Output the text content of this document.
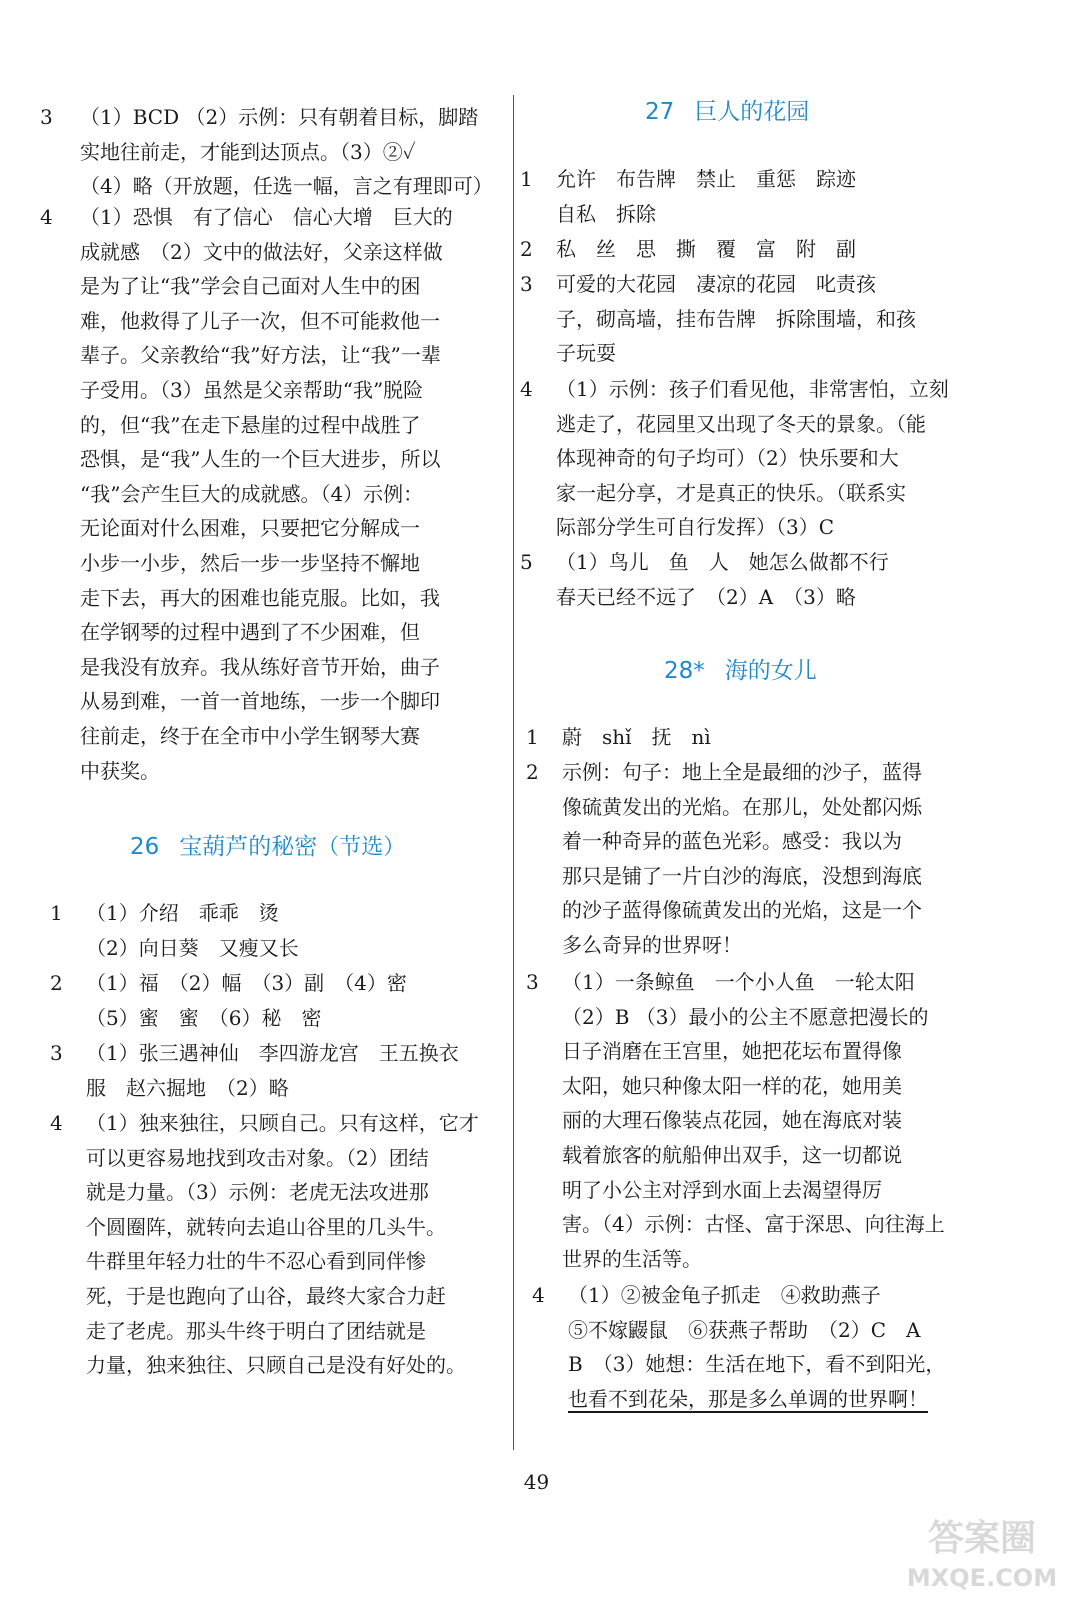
3 （1）BCD （2）示例：只有朝着目标，脚踏
实地往前走，才能到达顶点。（3）②✓
（4）略（开放题，任选一幅，言之有理即可）
4 （1）恐惧　有了信心　信心大增　巨大的
成就感　（2）文中的做法好，父亲这样做
是为了让“我”学会自己面对人生中的困
难，他救得了儿子一次，但不可能救他一
辈子。父亲教给“我”好方法，让“我”一辈
子受用。（3）虽然是父亲帮助“我”脱险
的，但“我”在走下悬崖的过程中战胜了
恐惧，是“我”人生的一个巨大进步，所以
“我”会产生巨大的成就感。（4）示例：
无论面对什么困难，只要把它分解成一
小步一小步，然后一步一步坚持不懈地
走下去，再大的困难也能克服。比如，我
在学钢琴的过程中遇到了不少困难，但
是我没有放弃。我从练好音节开始，曲子
从易到难，一首一首地练，一步一个脚印
往前走，终于在全市中小学生钢琴大赛
中获奖。
26 宝葫芦的秘密（节选）
1 （1）介绍　乖乖　烫
（2）向日葵　又瘦又长
2 （1）福　（2）幅　（3）副　（4）密
（5）蜜　蜜　（6）秘　密
3 （1）张三遇神仙　李四游龙宫　王五换衣
服　赵六掘地　（2）略
4 （1）独来独往，只顾自己。只有这样，它才
可以更容易地找到攻击对象。（2）团结
就是力量。（3）示例：老虎无法攻进那
个圆圈阵，就转向去追山谷里的几头牛。
牛群里年轻力壮的牛不忍心看到同伴惨
死，于是也跑向了山谷，最终大家合力赶
走了老虎。那头牛终于明白了团结就是
力量，独来独往、只顾自己是没有好处的。
27 巨人的花园
1 允许　布告牌　禁止　重惩　踪迹
自私　拆除
2 私　丝　思　撕　覆　富　附　副
3 可爱的大花园　凄凉的花园　叱责孩
子，砌高墙，挂布告牌　拆除围墙，和孩
子玩耍
4 （1）示例：孩子们看见他，非常害怕，立刻
逃走了，花园里又出现了冬天的景象。（能
体现神奇的句子均可）（2）快乐要和大
家一起分享，才是真正的快乐。（联系实
际部分学生可自行发挥）（3）C
5 （1）鸟儿　鱼　人　她怎么做都不行
春天已经不远了　（2）A　（3）略
28* 海的女儿
1 蔚　shǐ　抚　nì
2 示例：句子：地上全是最细的沙子，蓝得
像硫黄发出的光焰。在那儿，处处都闪烁
着一种奇异的蓝色光彩。感受：我以为
那只是铺了一片白沙的海底，没想到海底
的沙子蓝得像硫黄发出的光焰，这是一个
多么奇异的世界呀！
3 （1）一条鲸鱼　一个小人鱼　一轮太阳
（2）B （3）最小的公主不愿意把漫长的
日子消磨在王宫里，她把花坛布置得像
太阳，她只种像太阳一样的花，她用美
丽的大理石像装点花园，她在海底对装
载着旅客的航船伸出双手，这一切都说
明了小公主对浮到水面上去渴望得厉
害。（4）示例：古怪、富于深思、向往海上
世界的生活等。
4 （1）②被金龟子抓走　④救助燕子
⑤不嫁鼹鼠　⑥获燕子帮助　（2）C　A
B　（3）她想：生活在地下，看不到阳光，
也看不到花朵，那是多么单调的世界啊！
49
答案圈
MXQE.COM
